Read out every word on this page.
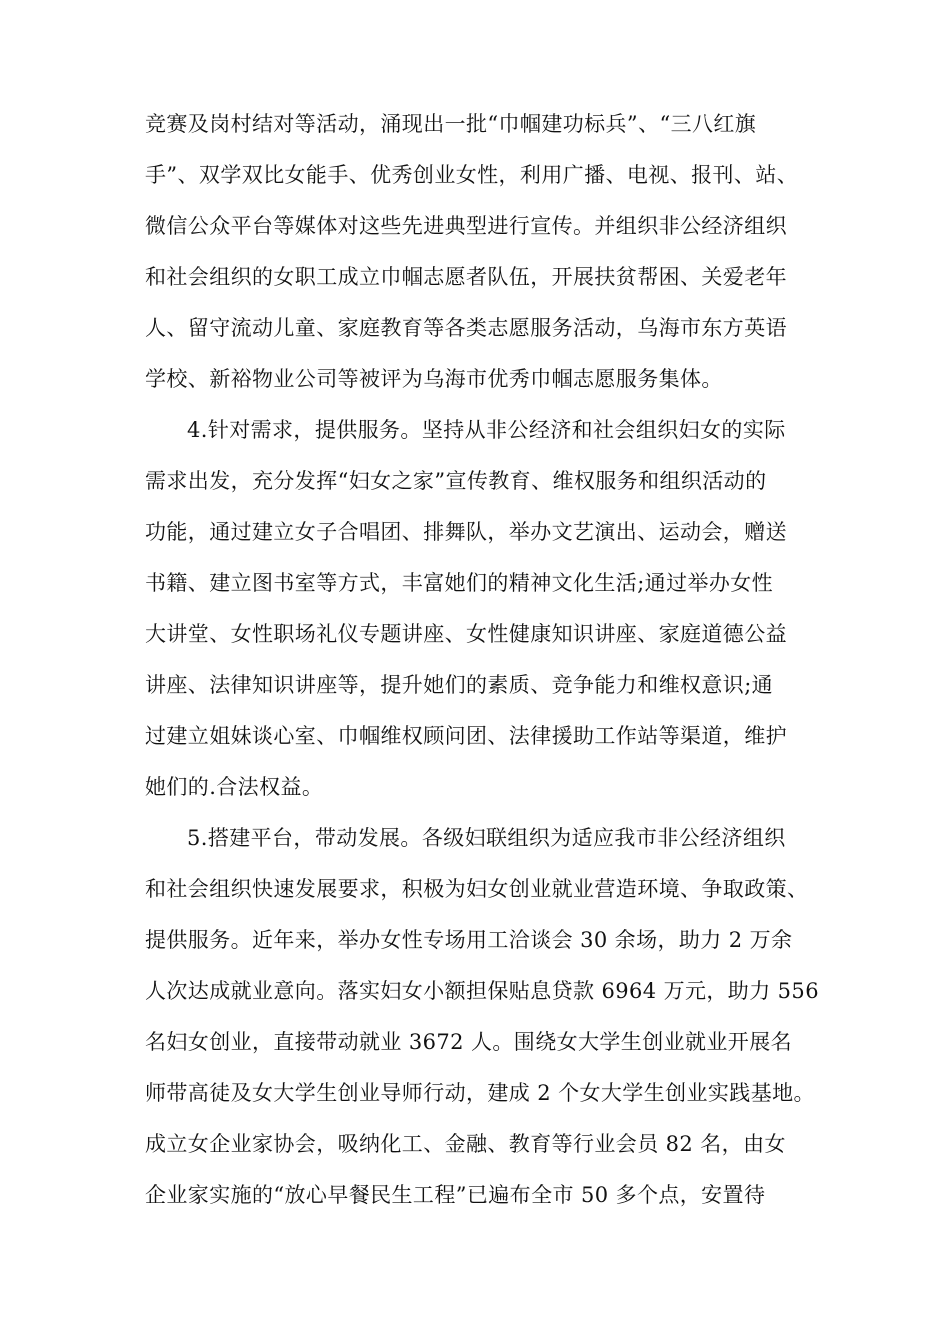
竞赛及岗村结对等活动，涌现出一批“巾帼建功标兵”、“三八红旗
手”、双学双比女能手、优秀创业女性，利用广播、电视、报刊、站、
微信公众平台等媒体对这些先进典型进行宣传。并组织非公经济组织
和社会组织的女职工成立巾帼志愿者队伍，开展扶贫帮困、关爱老年
人、留守流动儿童、家庭教育等各类志愿服务活动，乌海市东方英语
学校、新裕物业公司等被评为乌海市优秀巾帼志愿服务集体。
4.针对需求，提供服务。坚持从非公经济和社会组织妇女的实际
需求出发，充分发挥“妇女之家”宣传教育、维权服务和组织活动的
功能，通过建立女子合唱团、排舞队，举办文艺演出、运动会，赠送
书籍、建立图书室等方式，丰富她们的精神文化生活;通过举办女性
大讲堂、女性职场礼仪专题讲座、女性健康知识讲座、家庭道德公益
讲座、法律知识讲座等，提升她们的素质、竞争能力和维权意识;通
过建立姐妹谈心室、巾帼维权顾问团、法律援助工作站等渠道，维护
她们的.合法权益。
5.搭建平台，带动发展。各级妇联组织为适应我市非公经济组织
和社会组织快速发展要求，积极为妇女创业就业营造环境、争取政策、
提供服务。近年来，举办女性专场用工洽谈会 30 余场，助力 2 万余
人次达成就业意向。落实妇女小额担保贴息贷款 6964 万元，助力 556
名妇女创业，直接带动就业 3672 人。围绕女大学生创业就业开展名
师带高徒及女大学生创业导师行动，建成 2 个女大学生创业实践基地。
成立女企业家协会，吸纳化工、金融、教育等行业会员 82 名，由女
企业家实施的“放心早餐民生工程”已遍布全市 50 多个点，安置待
